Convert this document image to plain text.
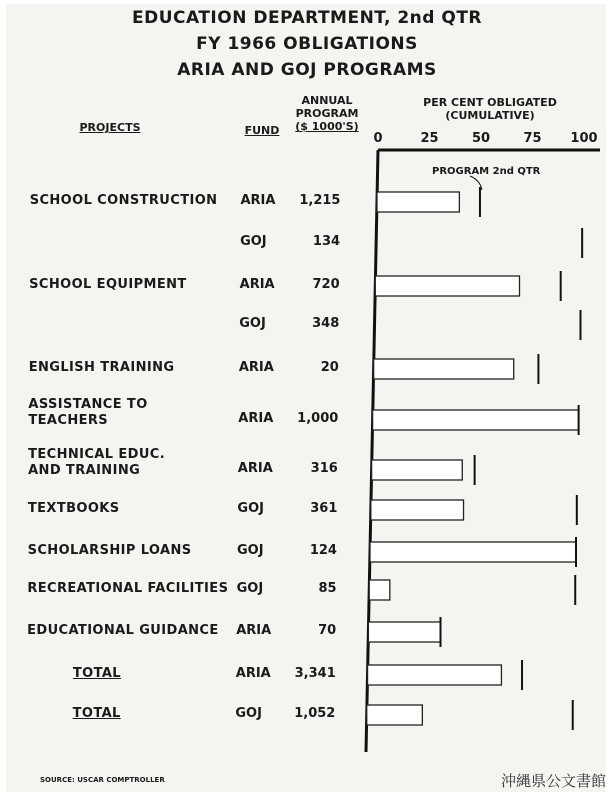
EDUCATION DEPARTMENT, 2nd QTR
FY 1966 OBLIGATIONS
ARIA AND GOJ PROGRAMS
PROJECTS	FUND
ANNUAL
PROGRAM
($ 1000'S)
PER CENT OBLIGATED (CUMULATIVE)
SCHOOL CONSTRUCTION ARIA	1,215
GOJ	134
SCHOOL EQUIPMENT	ARIA	720
GOJ	348
ENGLISH TRAINING	ARIA	20
ASSISTANCE TO
TEACHERS	ARIA	1,000
TECHNICAL EDUC.
AND TRAINING	ARIA	316
TEXTBOOKS	GOJ	361
SCHOLARSHIP LOANS	GOJ	124
RECREATIONAL FACILITIES GOJ	85
EDUCATIONAL GUIDANCE ARIA	70
TOTAL	ARIA	3,341
TOTAL	GOJ	1,052
PROGRAM 2nd QTR
SOURCE: USCAR COMPTROLLER	沖縄県公文書館
0	25	50	75	100
